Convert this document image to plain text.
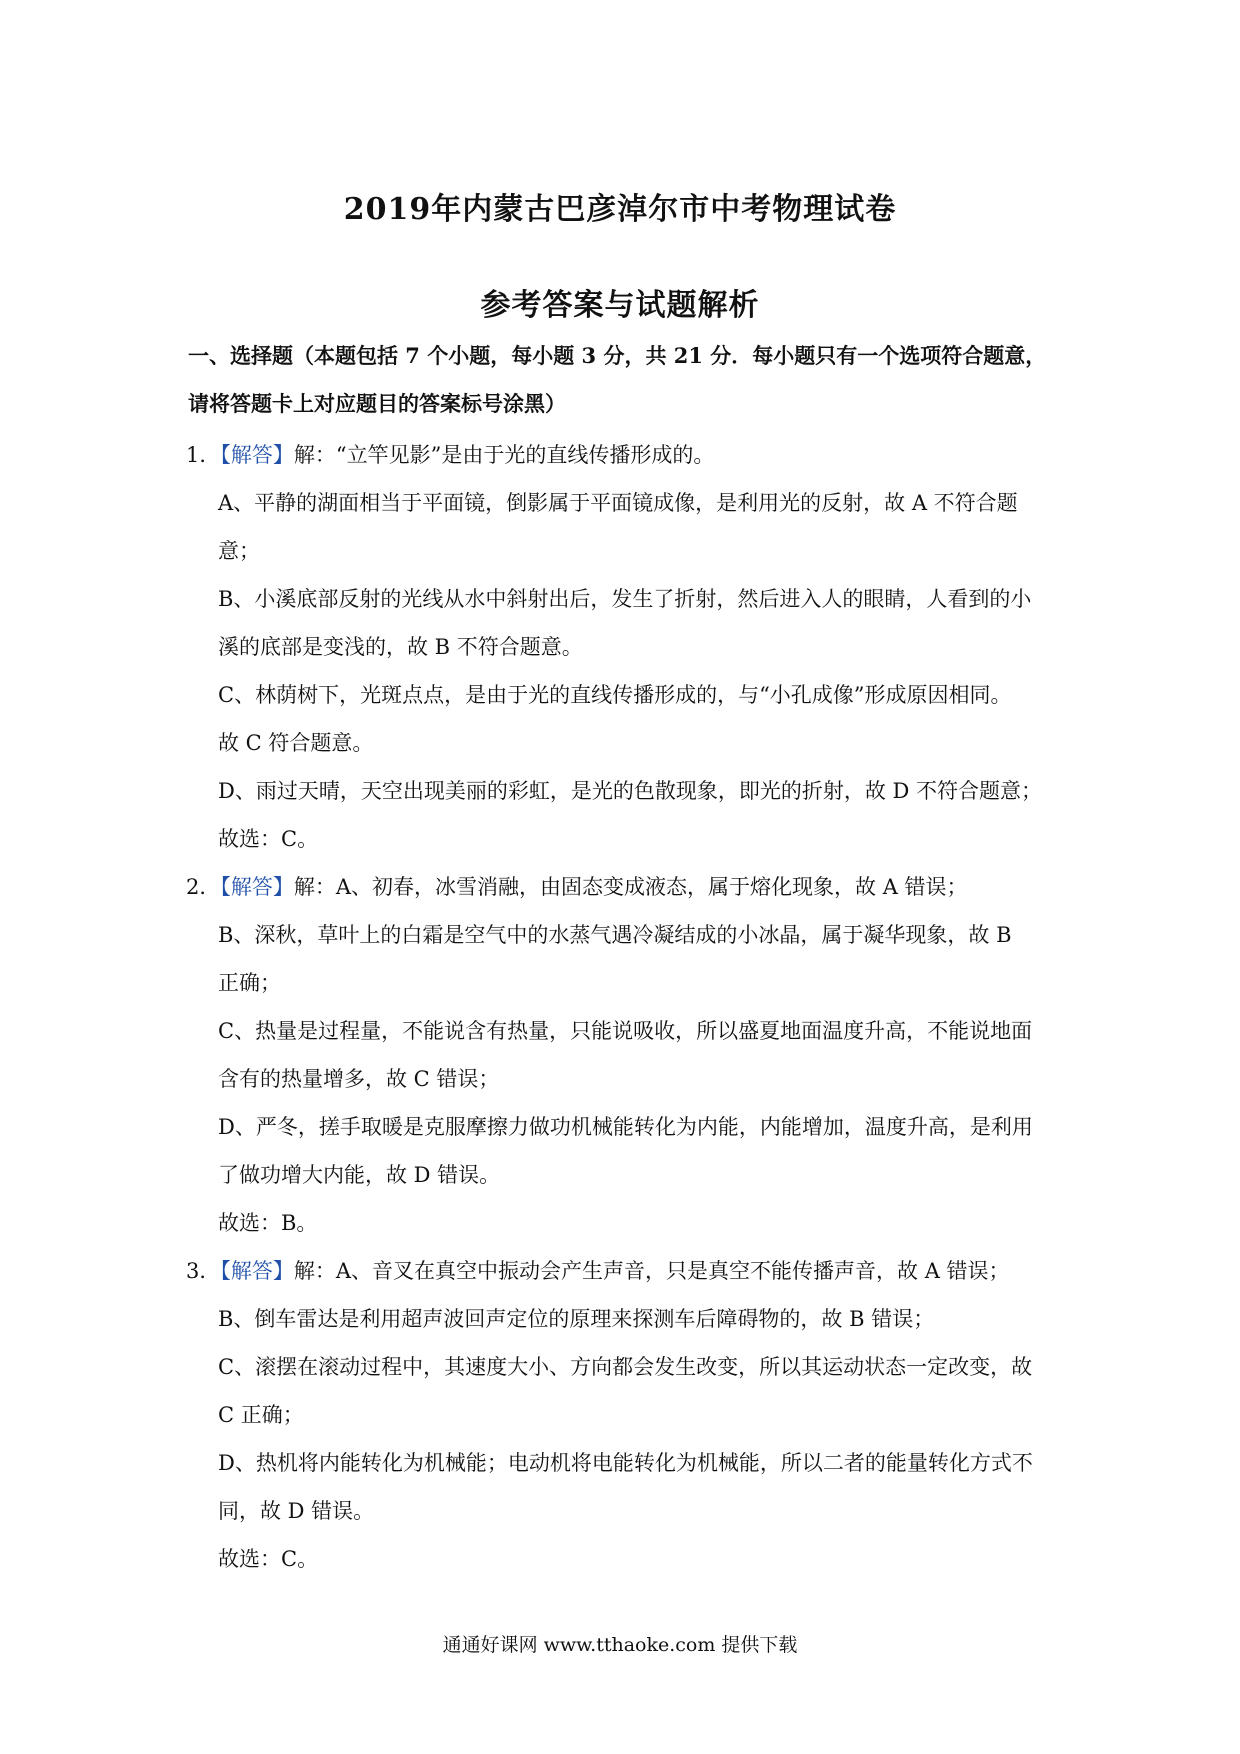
2019年内蒙古巴彦淖尔市中考物理试卷
参考答案与试题解析
一、选择题（本题包括 7 个小题，每小题 3 分，共 21 分．每小题只有一个选项符合题意，
请将答题卡上对应题目的答案标号涂黑）
1．【解答】解：“立竿见影”是由于光的直线传播形成的。
A、平静的湖面相当于平面镜，倒影属于平面镜成像，是利用光的反射，故 A 不符合题
意；
B、小溪底部反射的光线从水中斜射出后，发生了折射，然后进入人的眼睛，人看到的小
溪的底部是变浅的，故 B 不符合题意。
C、林荫树下，光斑点点，是由于光的直线传播形成的，与“小孔成像”形成原因相同。
故 C 符合题意。
D、雨过天晴，天空出现美丽的彩虹，是光的色散现象，即光的折射，故 D 不符合题意；
故选：C。
2．【解答】解：A、初春，冰雪消融，由固态变成液态，属于熔化现象，故 A 错误；
B、深秋，草叶上的白霜是空气中的水蒸气遇冷凝结成的小冰晶，属于凝华现象，故 B
正确；
C、热量是过程量，不能说含有热量，只能说吸收，所以盛夏地面温度升高，不能说地面
含有的热量增多，故 C 错误；
D、严冬，搓手取暖是克服摩擦力做功机械能转化为内能，内能增加，温度升高，是利用
了做功增大内能，故 D 错误。
故选：B。
3．【解答】解：A、音叉在真空中振动会产生声音，只是真空不能传播声音，故 A 错误；
B、倒车雷达是利用超声波回声定位的原理来探测车后障碍物的，故 B 错误；
C、滚摆在滚动过程中，其速度大小、方向都会发生改变，所以其运动状态一定改变，故
C 正确；
D、热机将内能转化为机械能；电动机将电能转化为机械能，所以二者的能量转化方式不
同，故 D 错误。
故选：C。
通通好课网 www.tthaoke.com 提供下载
